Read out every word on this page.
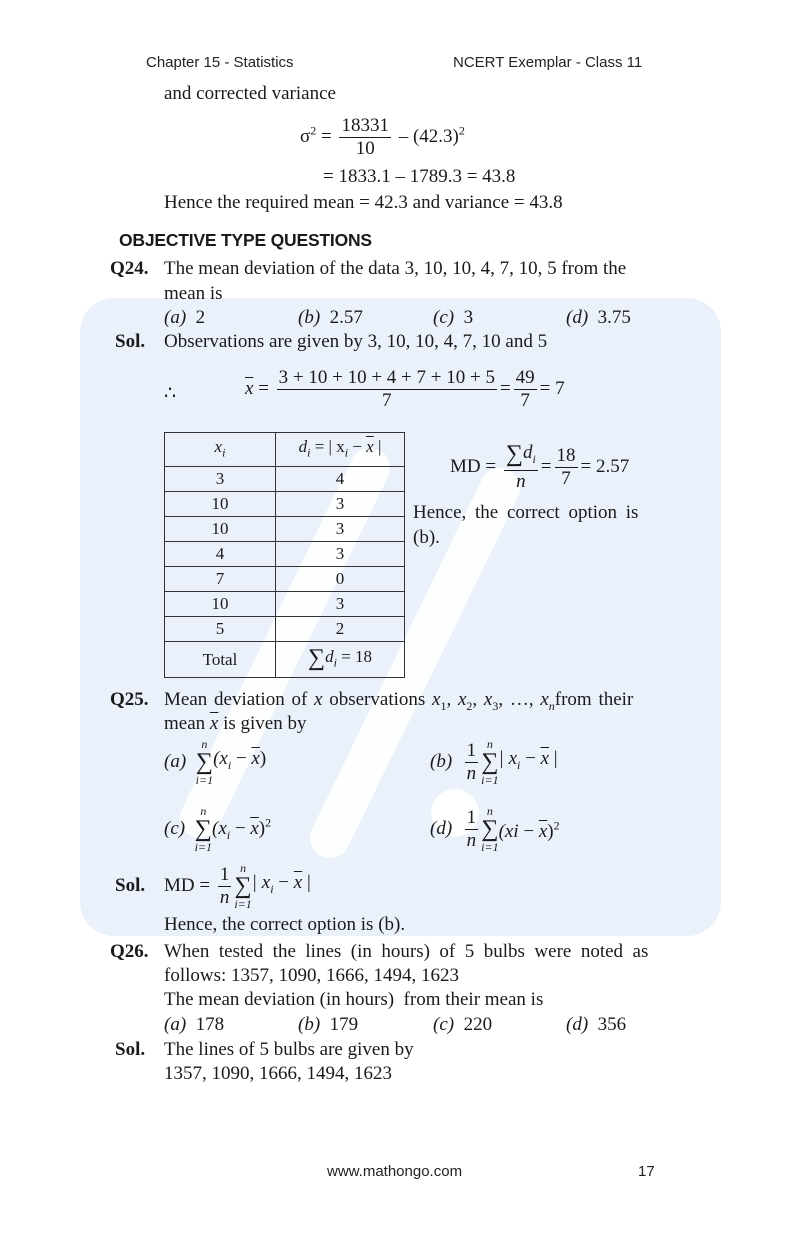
Chapter 15 - Statistics	NCERT Exemplar - Class 11
and corrected variance
$\sigma^2 = \frac{18331}{10} - (42.3)^2$
= 1833.1 – 1789.3 = 43.8
Hence the required mean = 42.3 and variance = 43.8
OBJECTIVE TYPE QUESTIONS
Q24. The mean deviation of the data 3, 10, 10, 4, 7, 10, 5 from the
mean is
(a) 2	(b) 2.57	(c) 3	(d) 3.75
Sol. Observations are given by 3, 10, 10, 4, 7, 10 and 5
∴	$\overline{x} = \frac{3 + 10 + 10 + 4 + 7 + 10 + 5}{7} = \frac{49}{7} = 7$
$x_i$	$d_i$ = | $x_i - \overline{x}$ |
3	4
10	3
10	3
4	3
7	0
10	3
5	2
Total	$\sum d_i = 18$
MD = $\frac{\sum d_i}{n} = \frac{18}{7} = 2.57$
Hence, the correct option is
(b).
Q25. Mean deviation of x observations $x_1$, $x_2$, $x_3$, …, $x_nfrom$ their
mean $\overline{x}$ is given by
(a)
n
∑
i=1
$(x_i - \overline{x})$	$(b) \frac{1}{n}$ n
∑
i=1
| $x_i - \overline{x}$ |
(c)
n
∑
i=1
$(x_i - \overline{x})^2$	$(d) \frac{1}{n}$ n
∑
i=1
$(xi - \overline{x})^2$
Sol. MD = $\frac{1}{n}$ n
∑
i=1
| $x_i - \overline{x}$ |
Hence, the correct option is (b).
Q26. When  tested  the  lines  (in  hours)  of  5  bulbs  were  noted  as
follows: 1357, 1090, 1666, 1494, 1623
The mean deviation (in hours)  from their mean is
(a) 178	(b) 179	(c) 220	(d) 356
Sol. The lines of 5 bulbs are given by
1357, 1090, 1666, 1494, 1623
www.mathongo.com	17
